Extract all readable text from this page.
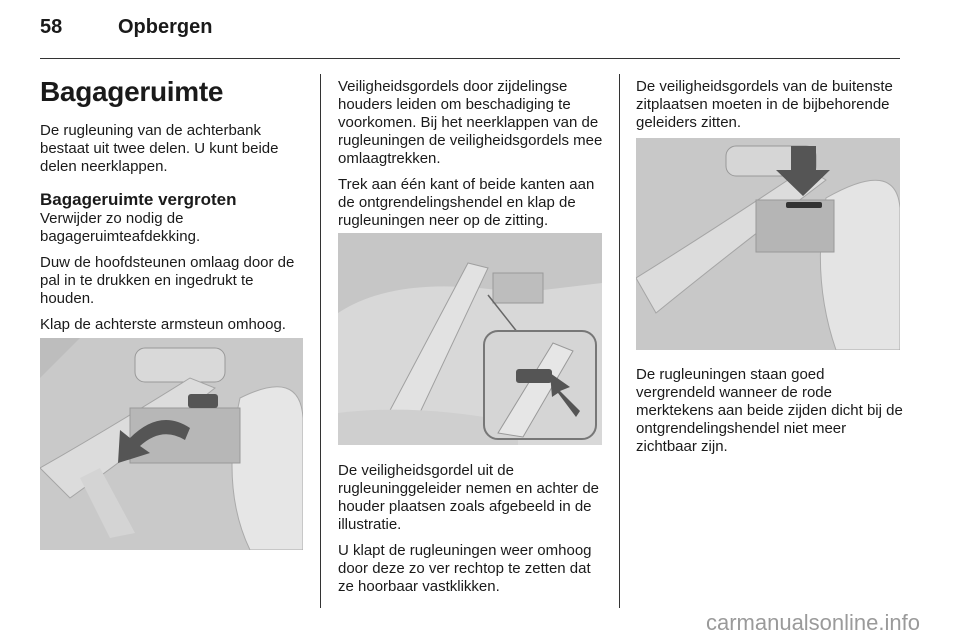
58	Opbergen
Bagageruimte

De rugleuning van de achterbank bestaat uit twee delen. U kunt beide delen neerklappen.

Bagageruimte vergroten

Verwijder zo nodig de bagageruimteafdekking.

Duw de hoofdsteunen omlaag door de pal in te drukken en ingedrukt te houden.

Klap de achterste armsteun omhoog.

Veiligheidsgordels door zijdelingse houders leiden om beschadiging te voorkomen. Bij het neerklappen van de rugleuningen de veiligheidsgordels mee omlaagtrekken.

Trek aan één kant of beide kanten aan de ontgrendelingshendel en klap de rugleuningen neer op de zitting.

De veiligheidsgordel uit de rugleuninggeleider nemen en achter de houder plaatsen zoals afgebeeld in de illustratie.

U klapt de rugleuningen weer omhoog door deze zo ver rechtop te zetten dat ze hoorbaar vastklikken.

De veiligheidsgordels van de buitenste zitplaatsen moeten in de bijbehorende geleiders zitten.

De rugleuningen staan goed vergrendeld wanneer de rode merktekens aan beide zijden dicht bij de ontgrendelingshendel niet meer zichtbaar zijn.

carmanualsonline.info
